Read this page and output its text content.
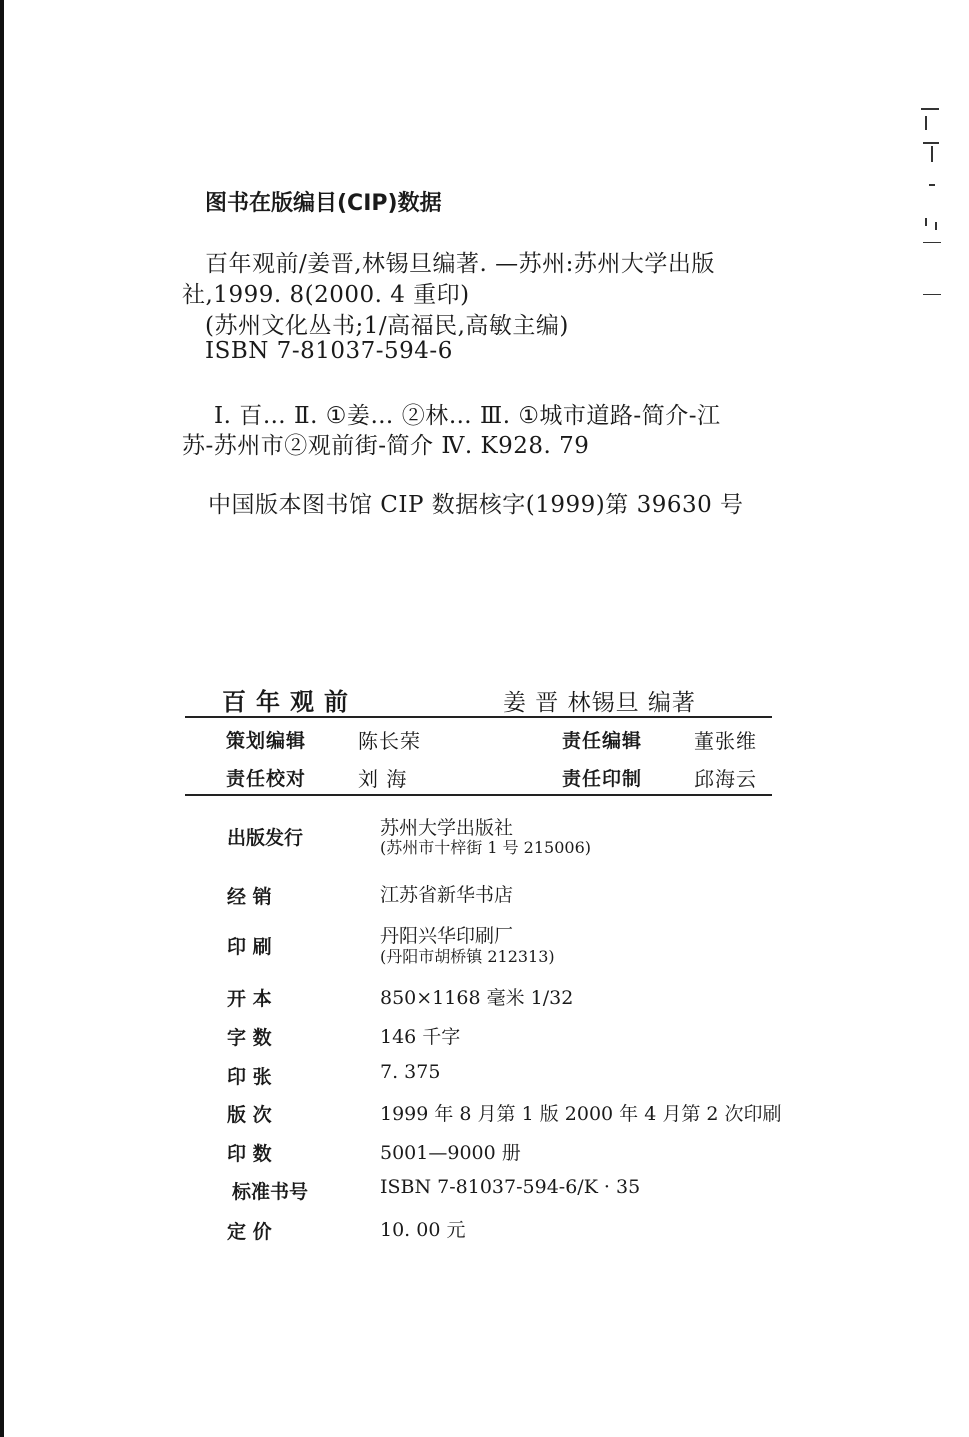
图书在版编目(CIP)数据
百年观前/姜晋,林锡旦编著. —苏州:苏州大学出版
社,1999. 8(2000. 4 重印)
(苏州文化丛书;1/高福民,高敏主编)
ISBN 7-81037-594-6
Ⅰ. 百… Ⅱ. ①姜… ②林… Ⅲ. ①城市道路-简介-江
苏-苏州市②观前街-简介 Ⅳ. K928. 79
中国版本图书馆 CIP 数据核字(1999)第 39630 号
百年观前	姜 晋 林锡旦 编著
策划编辑	陈长荣	责任编辑	董张维
责任校对	刘 海	责任印制	邱海云
出版发行	苏州大学出版社
(苏州市十梓街 1 号 215006)
经 销	江苏省新华书店
印 刷	丹阳兴华印刷厂
(丹阳市胡桥镇 212313)
开 本	850×1168 毫米 1/32
字 数	146 千字
印 张	7. 375
版 次	1999 年 8 月第 1 版 2000 年 4 月第 2 次印刷
印 数	5001—9000 册
标准书号	ISBN 7-81037-594-6/K · 35
定 价	10. 00 元
